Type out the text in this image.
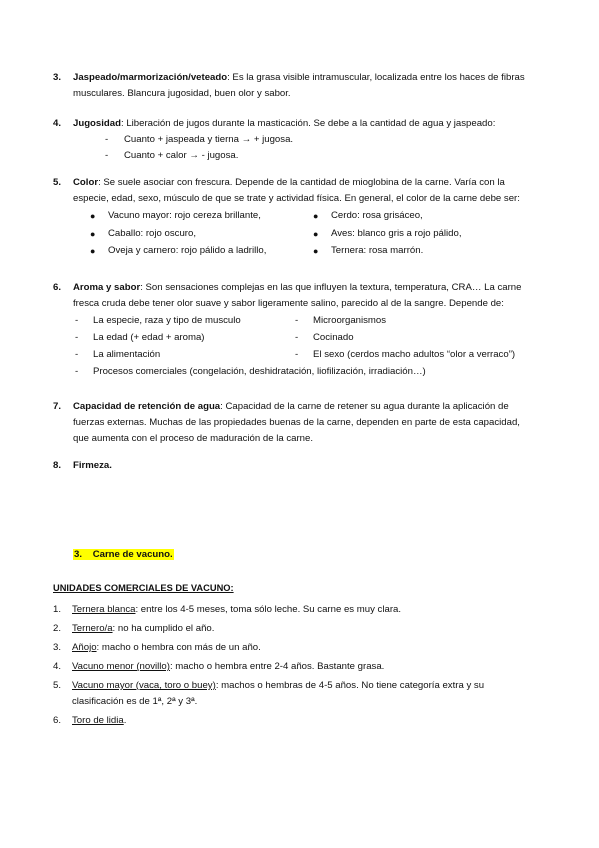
3. Jaspeado/marmorización/veteado: Es la grasa visible intramuscular, localizada entre los haces de fibras
musculares. Blancura jugosidad, buen olor y sabor.
4. Jugosidad: Liberación de jugos durante la masticación. Se debe a la cantidad de agua y jaspeado:
- Cuanto + jaspeada y tierna → + jugosa.
- Cuanto + calor → - jugosa.
5. Color: Se suele asociar con frescura. Depende de la cantidad de mioglobina de la carne. Varía con la
especie, edad, sexo, músculo de que se trate y actividad física. En general, el color de la carne debe ser:
● Vacuno mayor: rojo cereza brillante,
● Caballo: rojo oscuro,
● Oveja y carnero: rojo pálido a ladrillo,
● Cerdo: rosa grisáceo,
● Aves: blanco gris a rojo pálido,
● Ternera: rosa marrón.
6. Aroma y sabor: Son sensaciones complejas en las que influyen la textura, temperatura, CRA… La carne
fresca cruda debe tener olor suave y sabor ligeramente salino, parecido al de la sangre. Depende de:
- La especie, raza y tipo de musculo
- La edad (+ edad + aroma)
- La alimentación
- Procesos comerciales (congelación, deshidratación, liofilización, irradiación…)
- Microorganismos
- Cocinado
- El sexo (cerdos macho adultos “olor a verraco”)
7. Capacidad de retención de agua: Capacidad de la carne de retener su agua durante la aplicación de
fuerzas externas. Muchas de las propiedades buenas de la carne, dependen en parte de esta capacidad,
que aumenta con el proceso de maduración de la carne.
8. Firmeza.
3. Carne de vacuno.
UNIDADES COMERCIALES DE VACUNO:
1. Ternera blanca: entre los 4-5 meses, toma sólo leche. Su carne es muy clara.
2. Ternero/a: no ha cumplido el año.
3. Añojo: macho o hembra con más de un año.
4. Vacuno menor (novillo): macho o hembra entre 2-4 años. Bastante grasa.
5. Vacuno mayor (vaca, toro o buey): machos o hembras de 4-5 años. No tiene categoría extra y su
clasificación es de 1ª, 2ª y 3ª.
6. Toro de lidia.
